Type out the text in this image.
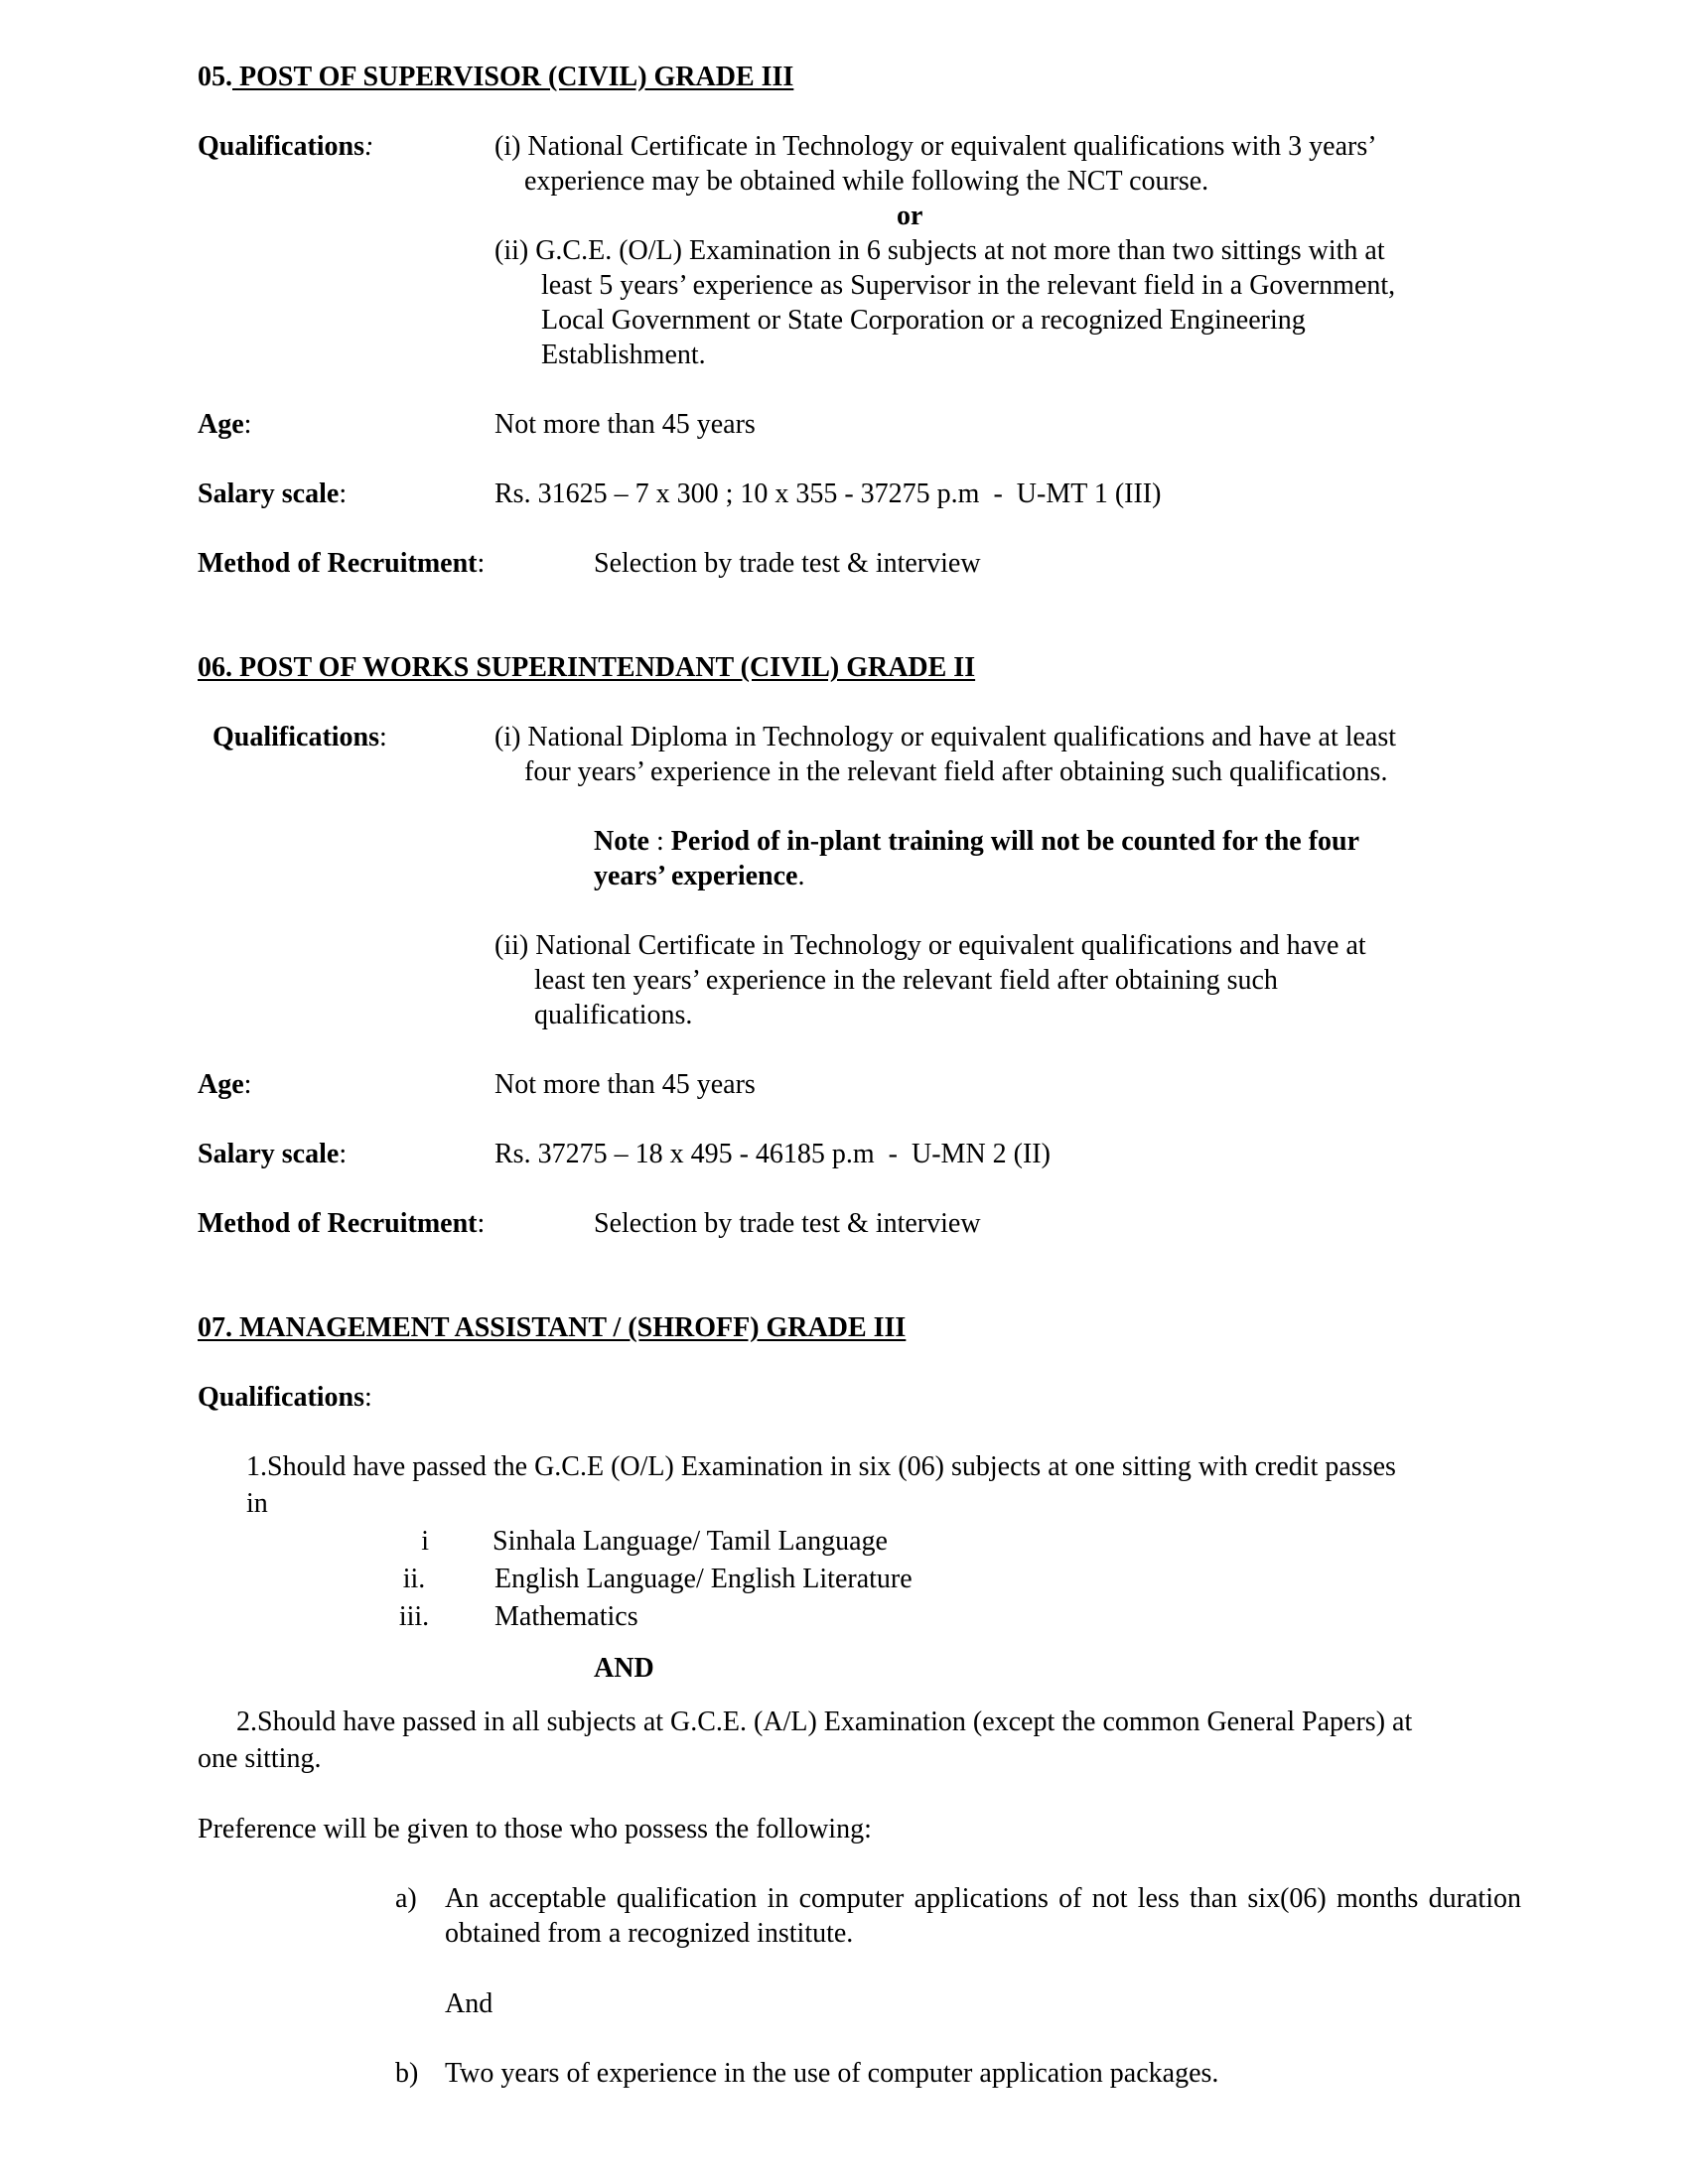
05. POST OF SUPERVISOR (CIVIL) GRADE III
Qualifications:	(i) National Certificate in Technology or equivalent qualifications with 3 years’
experience may be obtained while following the NCT course.
or
(ii) G.C.E. (O/L) Examination in 6 subjects at not more than two sittings with at
least 5 years’ experience as Supervisor in the relevant field in a Government,
Local Government or State Corporation or a recognized Engineering
Establishment.
Age:	Not more than 45 years
Salary scale:	Rs. 31625 – 7 x 300 ; 10 x 355 - 37275 p.m  -  U-MT 1 (III)
Method of Recruitment:	Selection by trade test & interview
06. POST OF WORKS SUPERINTENDANT (CIVIL) GRADE II
Qualifications:	(i) National Diploma in Technology or equivalent qualifications and have at least
four years’ experience in the relevant field after obtaining such qualifications.
Note : Period of in-plant training will not be counted for the four
years’ experience.
(ii) National Certificate in Technology or equivalent qualifications and have at
least ten years’ experience in the relevant field after obtaining such
qualifications.
Age:	Not more than 45 years
Salary scale:	Rs. 37275 – 18 x 495 - 46185 p.m  -  U-MN 2 (II)
Method of Recruitment:	Selection by trade test & interview
07. MANAGEMENT ASSISTANT / (SHROFF) GRADE III
Qualifications:
1.Should have passed the G.C.E (O/L) Examination in six (06) subjects at one sitting with credit passes
in
i Sinhala Language/ Tamil Language
ii.	English Language/ English Literature
iii.	Mathematics
AND
2.Should have passed in all subjects at G.C.E. (A/L) Examination (except the common General Papers) at
one sitting.
Preference will be given to those who possess the following:
a) An acceptable qualification in computer applications of not less than six(06) months duration obtained from a recognized institute.
And
b) Two years of experience in the use of computer application packages.
